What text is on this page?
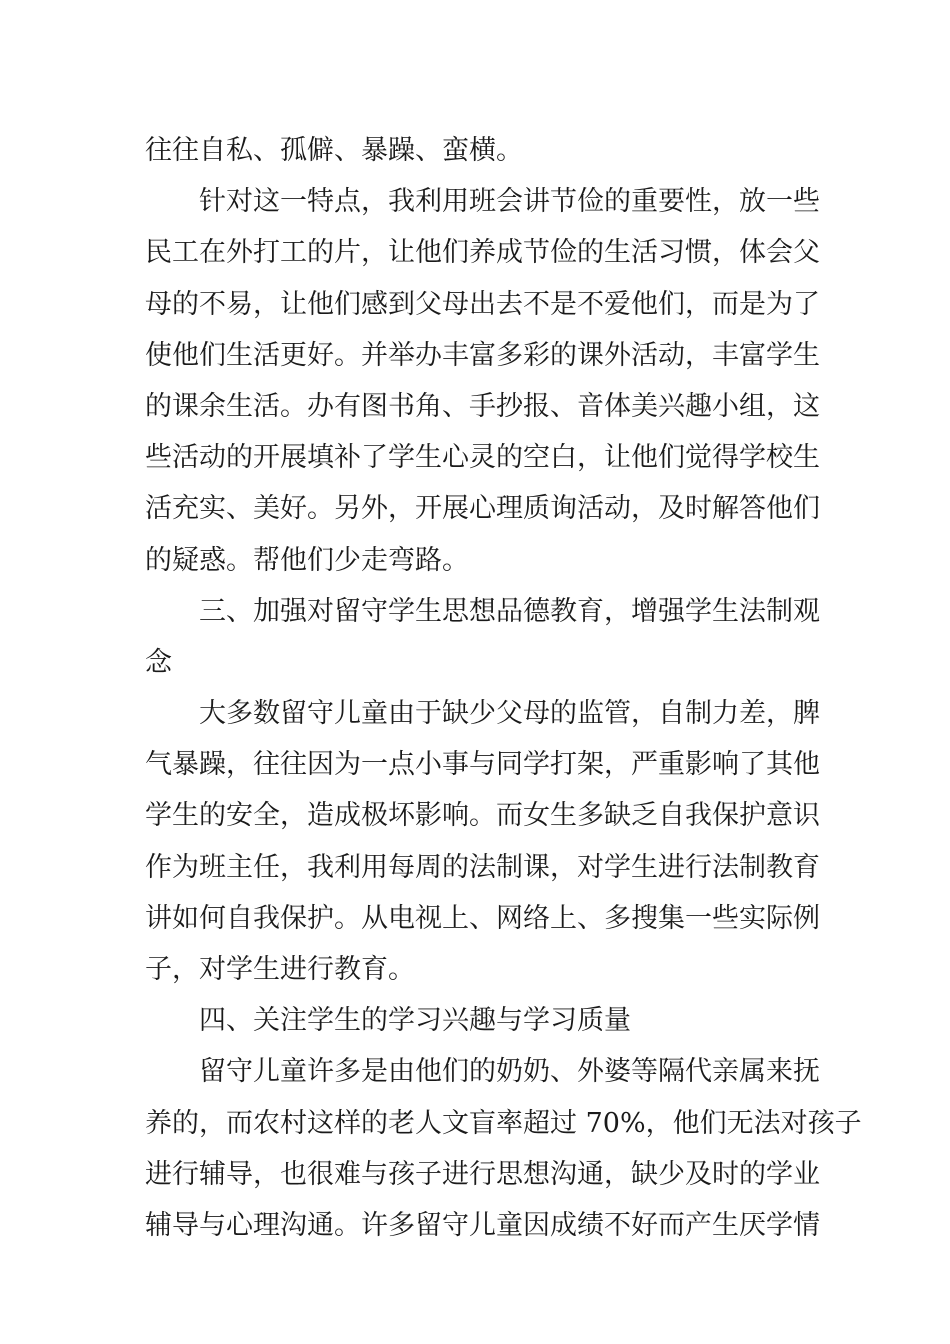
往往自私、孤僻、暴躁、蛮横。
针对这一特点，我利用班会讲节俭的重要性，放一些
民工在外打工的片，让他们养成节俭的生活习惯，体会父
母的不易，让他们感到父母出去不是不爱他们，而是为了
使他们生活更好。并举办丰富多彩的课外活动，丰富学生
的课余生活。办有图书角、手抄报、音体美兴趣小组，这
些活动的开展填补了学生心灵的空白，让他们觉得学校生
活充实、美好。另外，开展心理质询活动，及时解答他们
的疑惑。帮他们少走弯路。
三、加强对留守学生思想品德教育，增强学生法制观
念
大多数留守儿童由于缺少父母的监管，自制力差，脾
气暴躁，往往因为一点小事与同学打架，严重影响了其他
学生的安全，造成极坏影响。而女生多缺乏自我保护意识
作为班主任，我利用每周的法制课，对学生进行法制教育
讲如何自我保护。从电视上、网络上、多搜集一些实际例
子，对学生进行教育。
四、关注学生的学习兴趣与学习质量
留守儿童许多是由他们的奶奶、外婆等隔代亲属来抚
养的，而农村这样的老人文盲率超过 70%，他们无法对孩子
进行辅导，也很难与孩子进行思想沟通，缺少及时的学业
辅导与心理沟通。许多留守儿童因成绩不好而产生厌学情
